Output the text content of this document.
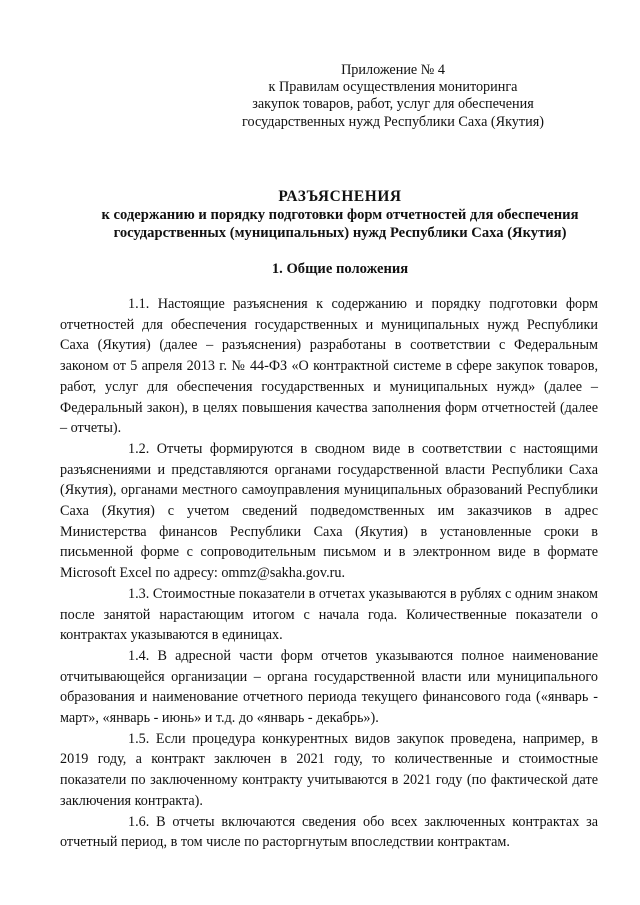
Приложение № 4
к Правилам осуществления мониторинга
закупок товаров, работ, услуг для обеспечения
государственных нужд Республики Саха (Якутия)
РАЗЪЯСНЕНИЯ
к содержанию и порядку подготовки форм отчетностей для обеспечения
государственных (муниципальных) нужд Республики Саха (Якутия)
1. Общие положения

1.1. Настоящие разъяснения к содержанию и порядку подготовки форм отчетностей для обеспечения государственных и муниципальных нужд Республики Саха (Якутия) (далее – разъяснения) разработаны в соответствии с Федеральным законом от 5 апреля 2013 г. № 44-ФЗ «О контрактной системе в сфере закупок товаров, работ, услуг для обеспечения государственных и муниципальных нужд» (далее – Федеральный закон), в целях повышения качества заполнения форм отчетностей (далее – отчеты).

1.2. Отчеты формируются в сводном виде в соответствии с настоящими разъяснениями и представляются органами государственной власти Республики Саха (Якутия), органами местного самоуправления муниципальных образований Республики Саха (Якутия) с учетом сведений подведомственных им заказчиков в адрес Министерства финансов Республики Саха (Якутия) в установленные сроки в письменной форме с сопроводительным письмом и в электронном виде в формате Microsoft Excel по адресу: ommz@sakha.gov.ru.

1.3. Стоимостные показатели в отчетах указываются в рублях с одним знаком после занятой нарастающим итогом с начала года. Количественные показатели о контрактах указываются в единицах.

1.4. В адресной части форм отчетов указываются полное наименование отчитывающейся организации – органа государственной власти или муниципального образования и наименование отчетного периода текущего финансового года («январь - март», «январь - июнь» и т.д. до «январь - декабрь»).

1.5. Если процедура конкурентных видов закупок проведена, например, в 2019 году, а контракт заключен в 2021 году, то количественные и стоимостные показатели по заключенному контракту учитываются в 2021 году (по фактической дате заключения контракта).

1.6. В отчеты включаются сведения обо всех заключенных контрактах за отчетный период, в том числе по расторгнутым впоследствии контрактам.
